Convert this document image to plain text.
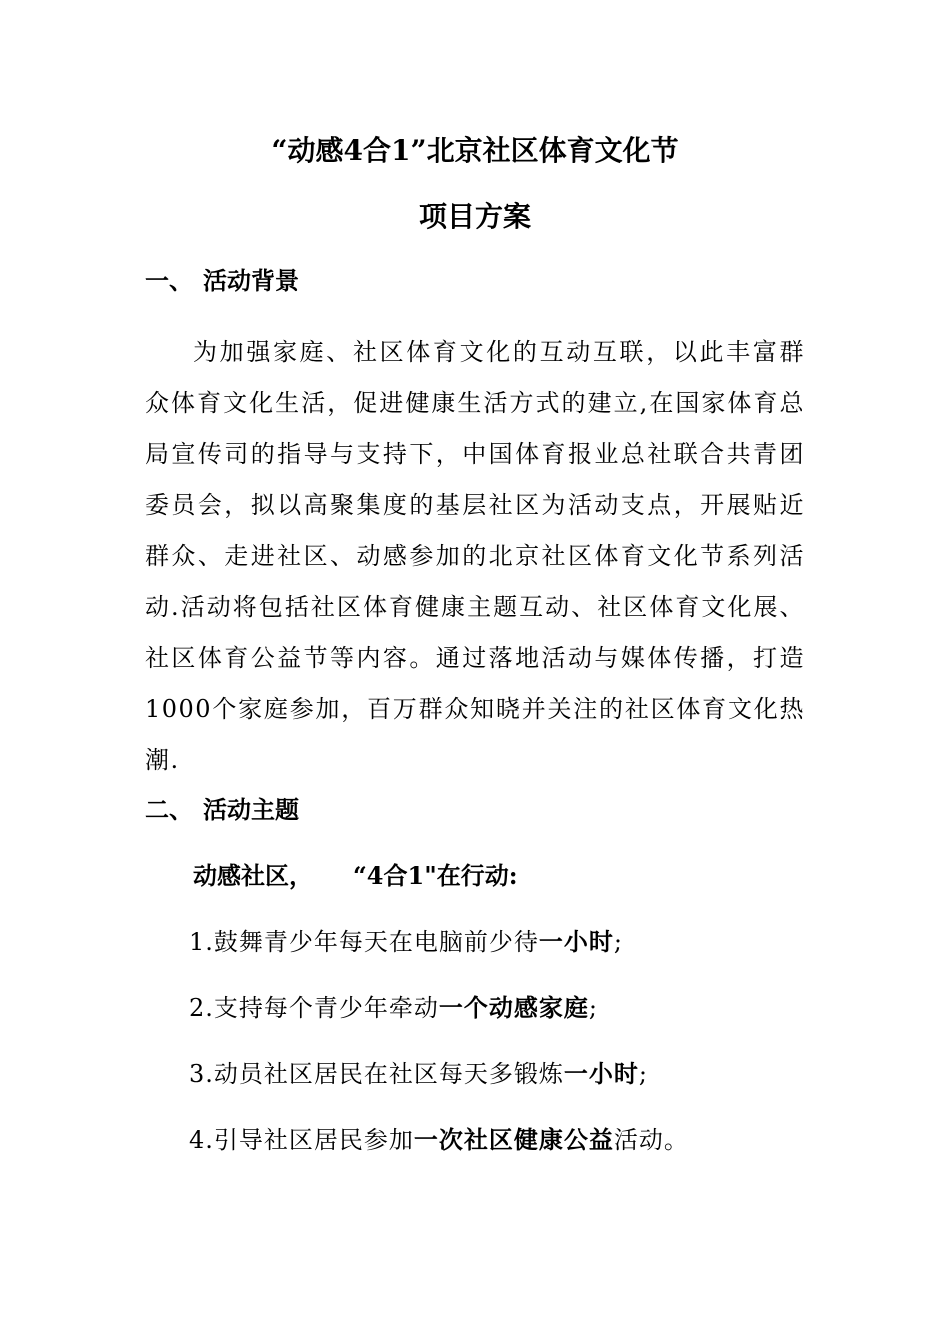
“动感4合1”北京社区体育文化节
项目方案
一、 活动背景
为加强家庭、社区体育文化的互动互联，以此丰富群
众体育文化生活，促进健康生活方式的建立,在国家体育总
局宣传司的指导与支持下，中国体育报业总社联合共青团
委员会，拟以高聚集度的基层社区为活动支点，开展贴近
群众、走进社区、动感参加的北京社区体育文化节系列活
动.活动将包括社区体育健康主题互动、社区体育文化展、
社区体育公益节等内容。通过落地活动与媒体传播，打造
1000个家庭参加，百万群众知晓并关注的社区体育文化热
潮.
二、 活动主题

动感社区， “4合1"在行动:

1.鼓舞青少年每天在电脑前少待一小时;
2.支持每个青少年牵动一个动感家庭;
3.动员社区居民在社区每天多锻炼一小时;
4.引导社区居民参加一次社区健康公益活动。
